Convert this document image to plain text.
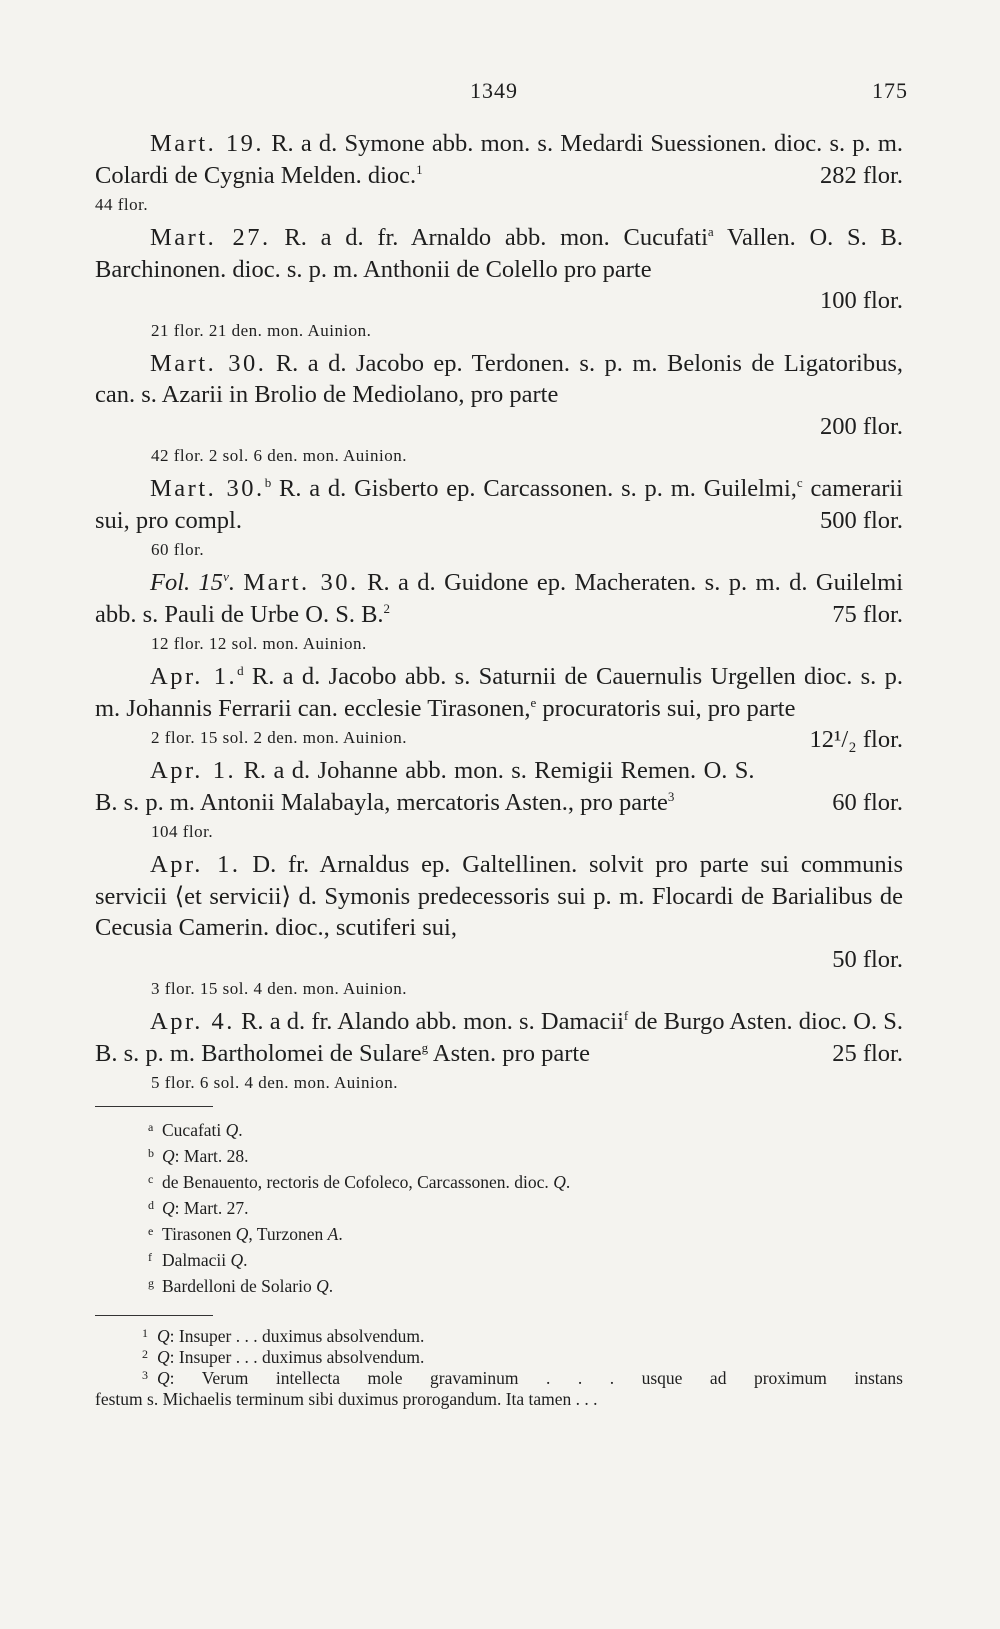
1349	175
Mart. 19. R. a d. Symone abb. mon. s. Medardi Suessionen. dioc. s. p. m. Colardi de Cygnia Melden. dioc.$^1$	282 flor.
44 flor.
Mart. 27. R. a d. fr. Arnaldo abb. mon. Cucufati$^a$ Vallen. O. S. B. Barchinonen. dioc. s. p. m. Anthonii de Colello pro parte
100 flor.
21 flor. 21 den. mon. Auinion.
Mart. 30. R. a d. Jacobo ep. Terdonen. s. p. m. Belonis de Ligatoribus, can. s. Azarii in Brolio de Mediolano, pro parte
200 flor.
42 flor. 2 sol. 6 den. mon. Auinion.
Mart. 30.$^b$ R. a d. Gisberto ep. Carcassonen. s. p. m. Guilelmi,$^c$ camerarii sui, pro compl.	500 flor.
60 flor.
Fol. 15$^v$. Mart. 30. R. a d. Guidone ep. Macheraten. s. p. m. d. Guilelmi abb. s. Pauli de Urbe O. S. B.$^2$	75 flor.
12 flor. 12 sol. mon. Auinion.
Apr. 1.$^d$ R. a d. Jacobo abb. s. Saturnii de Cauernulis Urgellen dioc. s. p. m. Johannis Ferrarii can. ecclesie Tirasonen,$^e$ procuratoris sui, pro parte
12¹/₂ flor.
2 flor. 15 sol. 2 den. mon. Auinion.
Apr. 1. R. a d. Johanne abb. mon. s. Remigii Remen. O. S. B. s. p. m. Antonii Malabayla, mercatoris Asten., pro parte$^3$	60 flor.
104 flor.
Apr. 1. D. fr. Arnaldus ep. Galtellinen. solvit pro parte sui communis servicii ⟨et servicii⟩ d. Symonis predecessoris sui p. m. Flocardi de Barialibus de Cecusia Camerin. dioc., scutiferi sui,
50 flor.
3 flor. 15 sol. 4 den. mon. Auinion.
Apr. 4. R. a d. fr. Alando abb. mon. s. Damacii$^f$ de Burgo Asten. dioc. O. S. B. s. p. m. Bartholomei de Sulare$^g$ Asten. pro parte	25 flor.
5 flor. 6 sol. 4 den. mon. Auinion.
a Cucafati Q.
b Q: Mart. 28.
c de Benauento, rectoris de Cofoleco, Carcassonen. dioc. Q.
d Q: Mart. 27.
e Tirasonen Q, Turzonen A.
f Dalmacii Q.
g Bardelloni de Solario Q.
1 Q: Insuper . . . duximus absolvendum.
2 Q: Insuper . . . duximus absolvendum.
3 Q: Verum intellecta mole gravaminum . . . usque ad proximum instans
festum s. Michaelis terminum sibi duximus prorogandum. Ita tamen . . .
